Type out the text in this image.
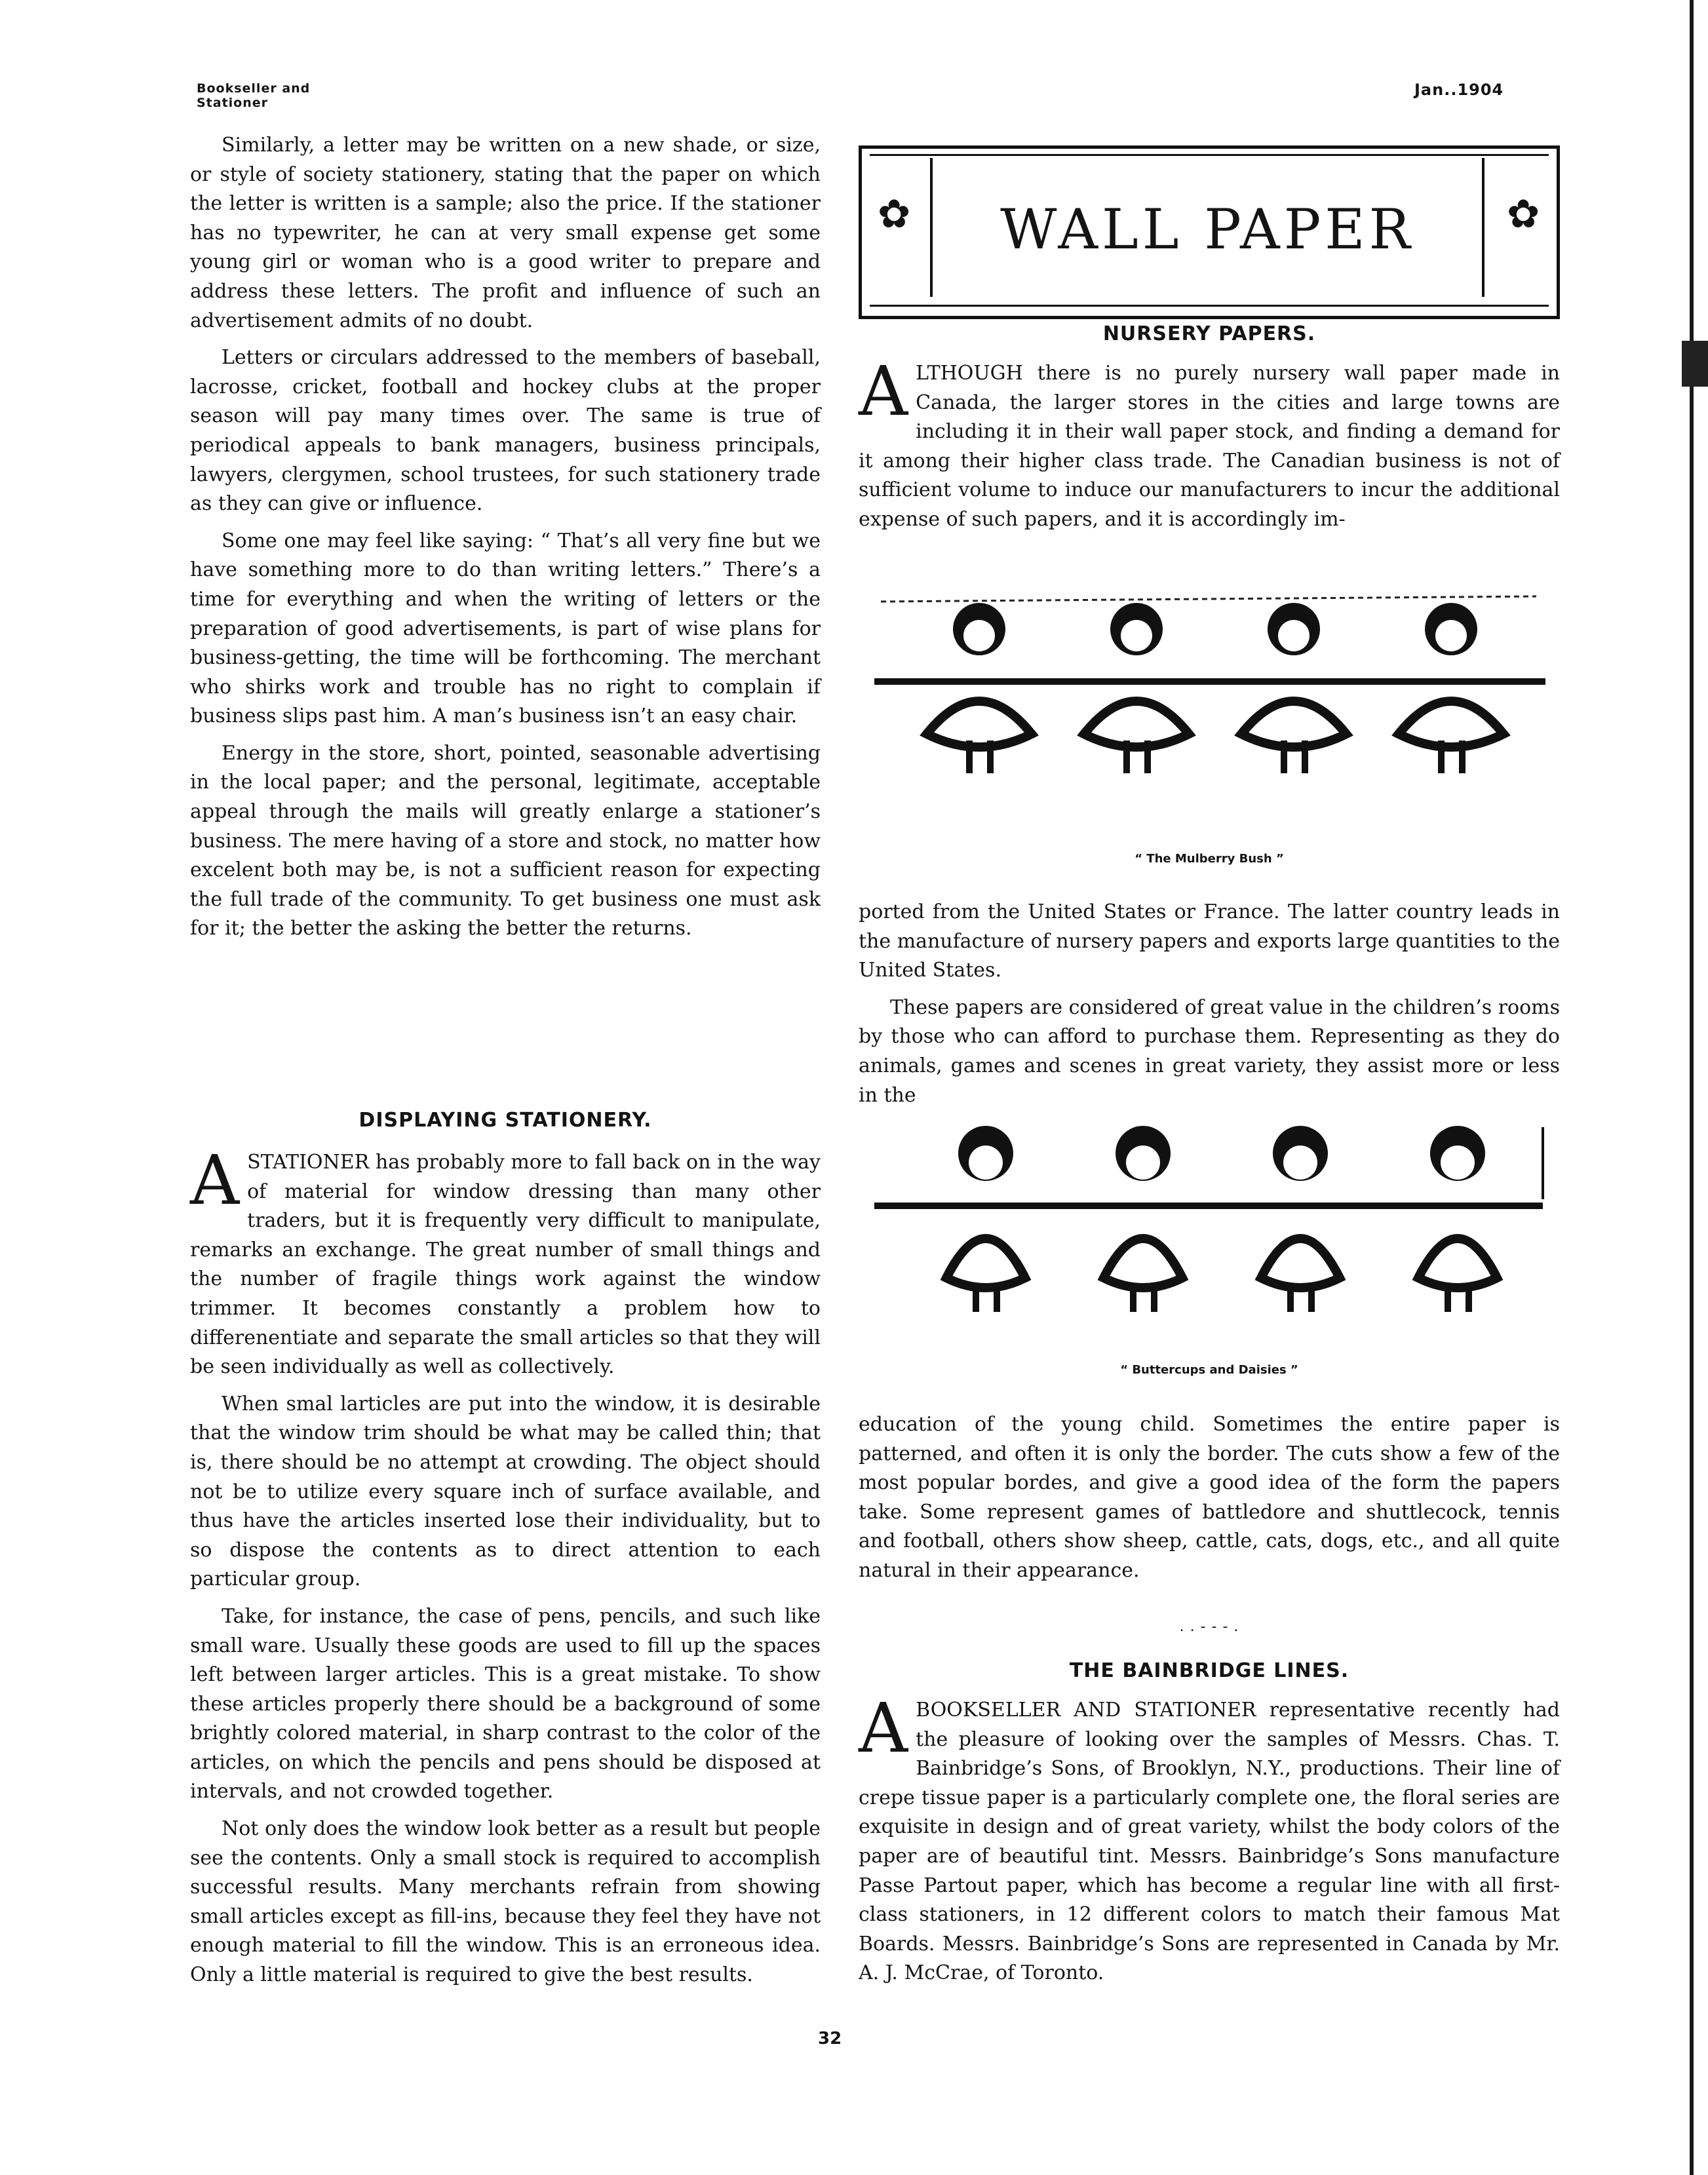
Bookseller and
Stationer
Jan..1904

Similarly, a letter may be written on a new shade, or size, or style of society stationery, stating that the paper on which the letter is written is a sample; also the price. If the stationer has no typewriter, he can at very small expense get some young girl or woman who is a good writer to prepare and address these letters. The profit and influence of such an advertisement admits of no doubt.

Letters or circulars addressed to the members of baseball, lacrosse, cricket, football and hockey clubs at the proper season will pay many times over. The same is true of periodical appeals to bank managers, business principals, lawyers, clergymen, school trustees, for such stationery trade as they can give or influence.

Some one may feel like saying: “ That’s all very fine but we have something more to do than writing letters.” There’s a time for everything and when the writing of letters or the preparation of good advertisements, is part of wise plans for business-getting, the time will be forthcoming. The merchant who shirks work and trouble has no right to complain if business slips past him. A man’s business isn’t an easy chair.

Energy in the store, short, pointed, seasonable advertising in the local paper; and the personal, legitimate, acceptable appeal through the mails will greatly enlarge a stationer’s business. The mere having of a store and stock, no matter how excelent both may be, is not a sufficient reason for expecting the full trade of the community. To get business one must ask for it; the better the asking the better the returns.

DISPLAYING STATIONERY.

ASTATIONER has probably more to fall back on in the way of material for window dressing than many other traders, but it is frequently very difficult to manipulate, remarks an exchange. The great number of small things and the number of fragile things work against the window trimmer. It becomes constantly a problem how to differenentiate and separate the small articles so that they will be seen individually as well as collectively.

When smal larticles are put into the window, it is desirable that the window trim should be what may be called thin; that is, there should be no attempt at crowding. The object should not be to utilize every square inch of surface available, and thus have the articles inserted lose their individuality, but to so dispose the contents as to direct attention to each particular group.

Take, for instance, the case of pens, pencils, and such like small ware. Usually these goods are used to fill up the spaces left between larger articles. This is a great mistake. To show these articles properly there should be a background of some brightly colored material, in sharp contrast to the color of the articles, on which the pencils and pens should be disposed at intervals, and not crowded together.

Not only does the window look better as a result but people see the contents. Only a small stock is required to accomplish successful results. Many merchants refrain from showing small articles except as fill-ins, because they feel they have not enough material to fill the window. This is an erroneous idea. Only a little material is required to give the best results.

✿	WALL PAPER	✿
NURSERY PAPERS.

ALTHOUGH there is no purely nursery wall paper made in Canada, the larger stores in the cities and large towns are including it in their wall paper stock, and finding a demand for it among their higher class trade. The Canadian business is not of sufficient volume to induce our manufacturers to incur the additional expense of such papers, and it is accordingly im-

“ The Mulberry Bush ”

ported from the United States or France. The latter country leads in the manufacture of nursery papers and exports large quantities to the United States.

These papers are considered of great value in the children’s rooms by those who can afford to purchase them. Representing as they do animals, games and scenes in great variety, they assist more or less in the

“ Buttercups and Daisies ”

education of the young child. Sometimes the entire paper is patterned, and often it is only the border. The cuts show a few of the most popular bordes, and give a good idea of the form the papers take. Some represent games of battledore and shuttlecock, tennis and football, others show sheep, cattle, cats, dogs, etc., and all quite natural in their appearance.

. . - - - .
THE BAINBRIDGE LINES.

ABOOKSELLER AND STATIONER representative recently had the pleasure of looking over the samples of Messrs. Chas. T. Bainbridge’s Sons, of Brooklyn, N.Y., productions. Their line of crepe tissue paper is a particularly complete one, the floral series are exquisite in design and of great variety, whilst the body colors of the paper are of beautiful tint. Messrs. Bainbridge’s Sons manufacture Passe Partout paper, which has become a regular line with all first-class stationers, in 12 different colors to match their famous Mat Boards. Messrs. Bainbridge’s Sons are represented in Canada by Mr. A. J. McCrae, of Toronto.

32
